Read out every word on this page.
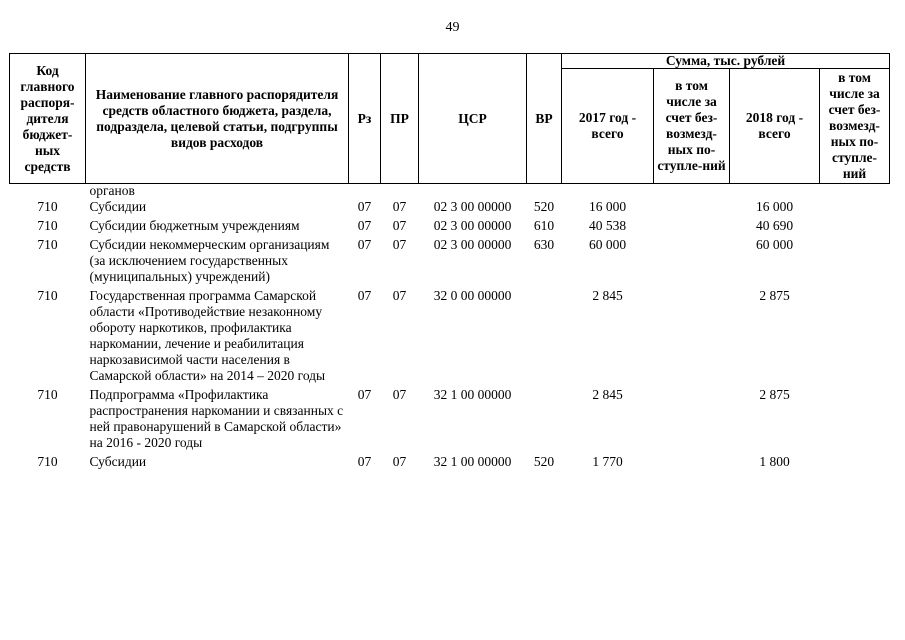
49
Код главного распоря-дителя бюджет-ных средств	Наименование главного распорядителя средств областного бюджета, раздела, подраздела, целевой статьи, подгруппы видов расходов	Рз	ПР	ЦСР	ВР	Сумма, тыс. рублей			
						2017 год - всего	в том числе за счет без-возмезд-ных по-ступле-ний	2018 год - всего	в том числе за счет без-возмезд-ных по-ступле-ний
	органов								
710	Субсидии	07	07	02 3 00 00000	520	16 000		16 000	
710	Субсидии бюджетным учреждениям	07	07	02 3 00 00000	610	40 538		40 690	
710	Субсидии некоммерческим организациям (за исключением государственных (муниципальных) учреждений)	07	07	02 3 00 00000	630	60 000		60 000	
710	Государственная программа Самарской области «Противодействие незаконному обороту наркотиков, профилактика наркомании, лечение и реабилитация наркозависимой части населения в Самарской области» на 2014 – 2020 годы	07	07	32 0 00 00000		2 845		2 875	
710	Подпрограмма «Профилактика распространения наркомании и связанных с ней правонарушений в Самарской области» на 2016 - 2020 годы	07	07	32 1 00 00000		2 845		2 875	
710	Субсидии	07	07	32 1 00 00000	520	1 770		1 800	
